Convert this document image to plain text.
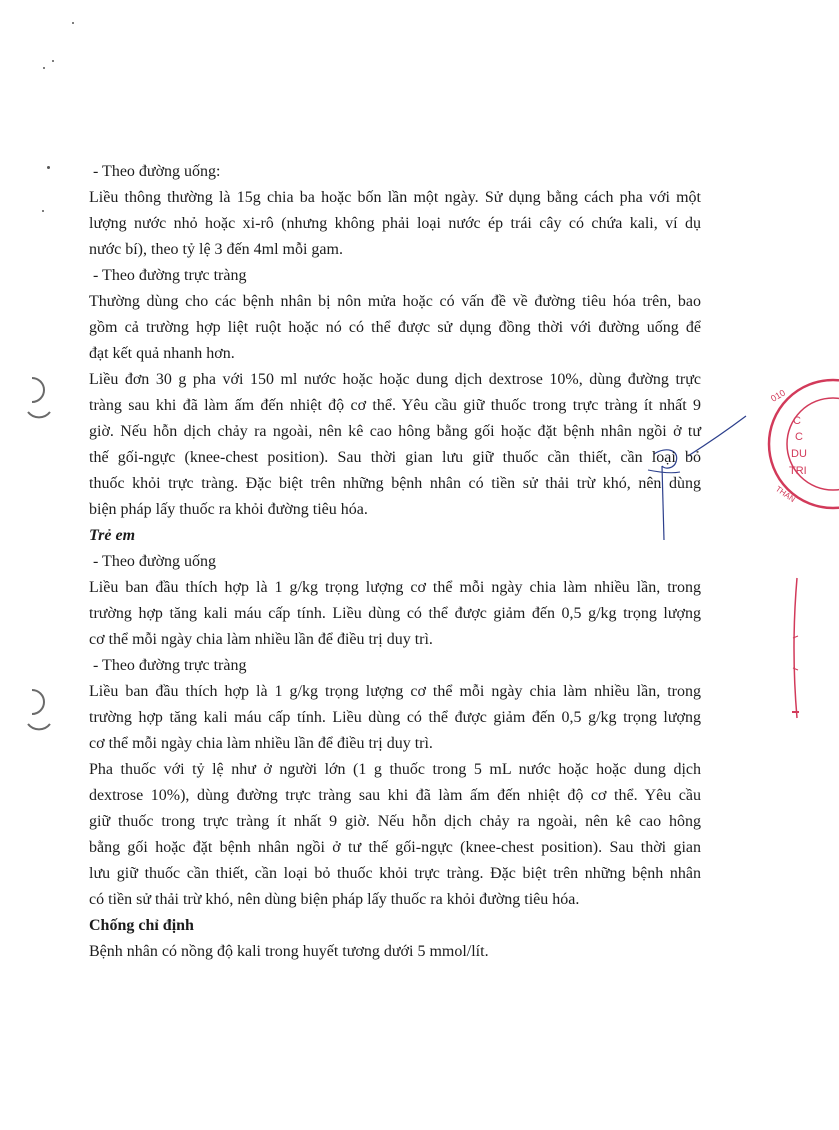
010
C
C
DU
TRI
THAN
- Theo đường uống:
Liều thông thường là 15g chia ba hoặc bốn lần một ngày. Sử dụng bằng cách pha với một
lượng nước nhỏ hoặc xi-rô (nhưng không phải loại nước ép trái cây có chứa kali, ví dụ
nước bí), theo tỷ lệ 3 đến 4ml mỗi gam.
- Theo đường trực tràng
Thường dùng cho các bệnh nhân bị nôn mửa hoặc có vấn đề về đường tiêu hóa trên, bao
gồm cả trường hợp liệt ruột hoặc nó có thể được sử dụng đồng thời với đường uống để
đạt kết quả nhanh hơn.
Liều đơn 30 g pha với 150 ml nước hoặc hoặc dung dịch dextrose 10%, dùng đường trực
tràng sau khi đã làm ấm đến nhiệt độ cơ thể. Yêu cầu giữ thuốc trong trực tràng ít nhất 9
giờ. Nếu hỗn dịch chảy ra ngoài, nên kê cao hông bằng gối hoặc đặt bệnh nhân ngồi ở tư
thế gối-ngực (knee-chest position). Sau thời gian lưu giữ thuốc cần thiết, cần loại bỏ
thuốc khỏi trực tràng. Đặc biệt trên những bệnh nhân có tiền sử thải trừ khó, nên dùng
biện pháp lấy thuốc ra khỏi đường tiêu hóa.
Trẻ em
- Theo đường uống
Liều ban đầu thích hợp là 1 g/kg trọng lượng cơ thể mỗi ngày chia làm nhiều lần, trong
trường hợp tăng kali máu cấp tính. Liều dùng có thể được giảm đến 0,5 g/kg trọng lượng
cơ thể mỗi ngày chia làm nhiều lần để điều trị duy trì.
- Theo đường trực tràng
Liều ban đầu thích hợp là 1 g/kg trọng lượng cơ thể mỗi ngày chia làm nhiều lần, trong
trường hợp tăng kali máu cấp tính. Liều dùng có thể được giảm đến 0,5 g/kg trọng lượng
cơ thể mỗi ngày chia làm nhiều lần để điều trị duy trì.
Pha thuốc với tỷ lệ như ở người lớn (1 g thuốc trong 5 mL nước hoặc hoặc dung dịch
dextrose 10%), dùng đường trực tràng sau khi đã làm ấm đến nhiệt độ cơ thể. Yêu cầu
giữ thuốc trong trực tràng ít nhất 9 giờ. Nếu hỗn dịch chảy ra ngoài, nên kê cao hông
bằng gối hoặc đặt bệnh nhân ngồi ở tư thế gối-ngực (knee-chest position). Sau thời gian
lưu giữ thuốc cần thiết, cần loại bỏ thuốc khỏi trực tràng. Đặc biệt trên những bệnh nhân
có tiền sử thải trừ khó, nên dùng biện pháp lấy thuốc ra khỏi đường tiêu hóa.
Chống chỉ định
Bệnh nhân có nồng độ kali trong huyết tương dưới 5 mmol/lít.
